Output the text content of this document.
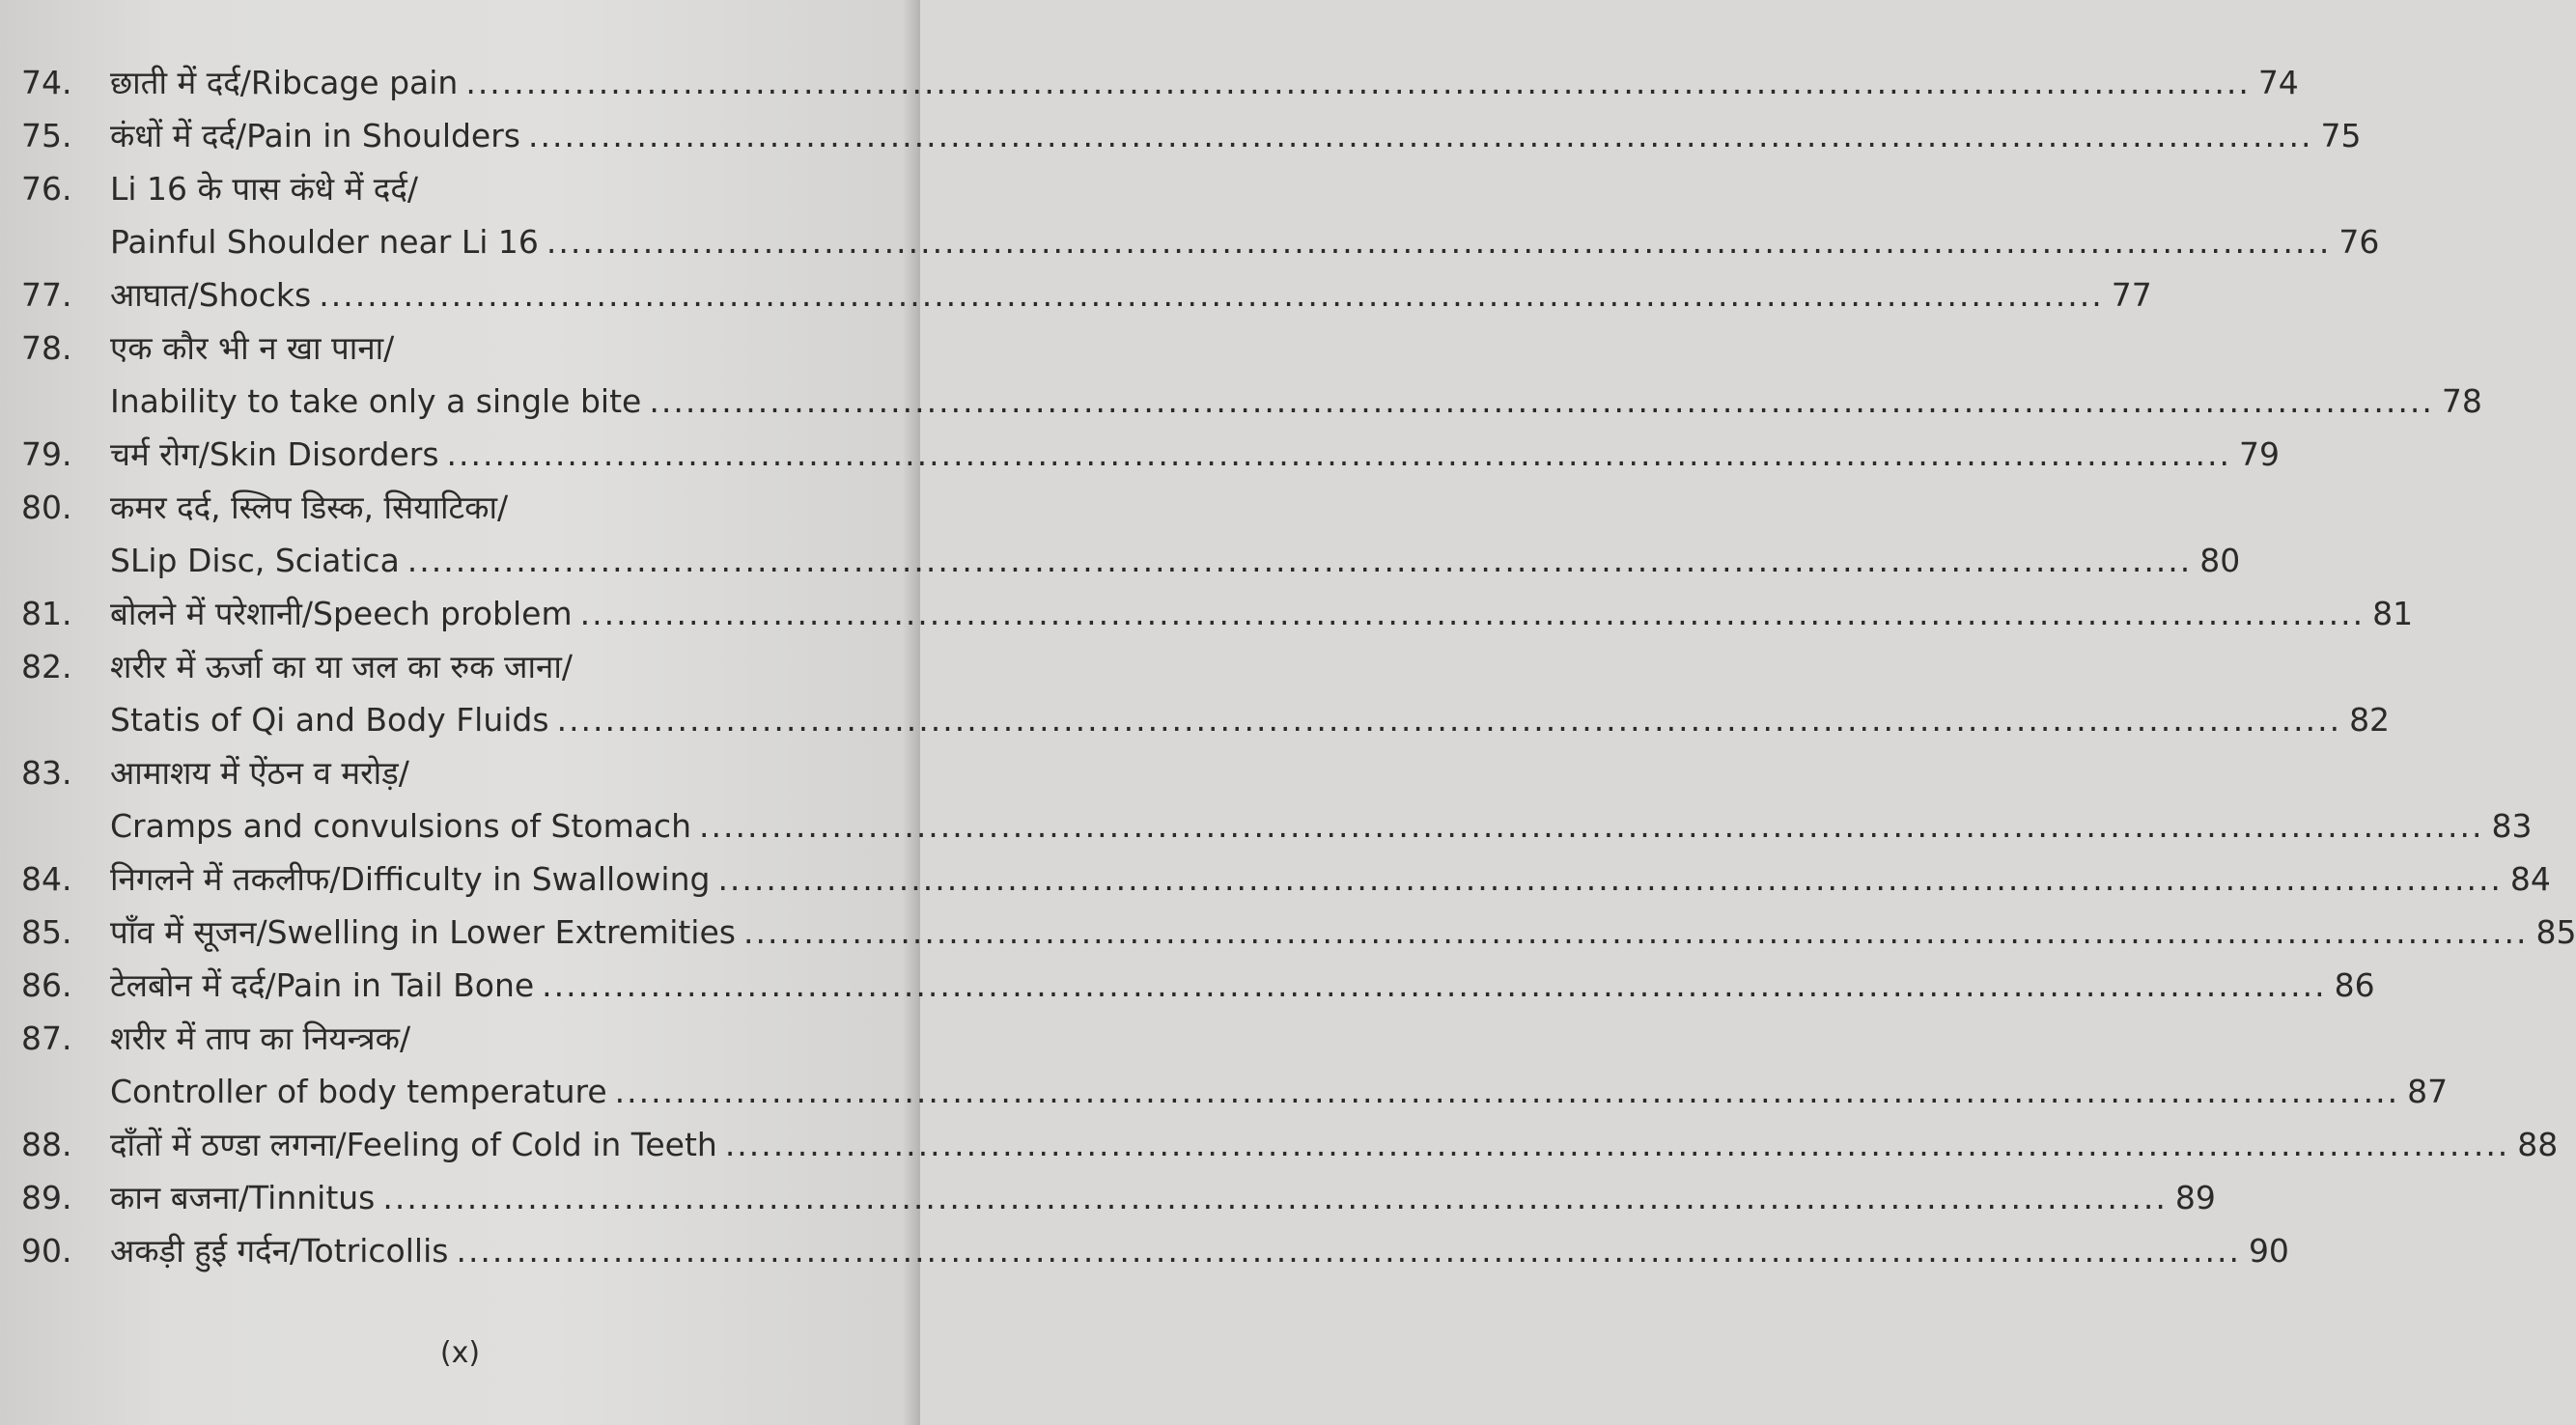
74.	छाती में दर्द/Ribcage pain .....	74
75.	कंधों में दर्द/Pain in Shoulders .....	75
76.	Li 16 के पास कंधे में दर्द/
Painful Shoulder near Li 16 .....	76
77.	आघात/Shocks .....	77
78.	एक कौर भी न खा पाना/
Inability to take only a single bite .....	78
79.	चर्म रोग/Skin Disorders .....	79
80.	कमर दर्द, स्लिप डिस्क, सियाटिका/
SLip Disc, Sciatica .....	80
81.	बोलने में परेशानी/Speech problem .....	81
82.	शरीर में ऊर्जा का या जल का रुक जाना/
Statis of Qi and Body Fluids .....	82
83.	आमाशय में ऐंठन व मरोड़/
Cramps and convulsions of Stomach .....	83
84.	निगलने में तकलीफ/Difficulty in Swallowing .....	84
85.	पाँव में सूजन/Swelling in Lower Extremities .....	85
86.	टेलबोन में दर्द/Pain in Tail Bone .....	86
87.	शरीर में ताप का नियन्त्रक/
Controller of body temperature .....	87
88.	दाँतों में ठण्डा लगना/Feeling of Cold in Teeth .....	88
89.	कान बजना/Tinnitus .....	89
90.	अकड़ी हुई गर्दन/Totricollis .....	90
(x)
